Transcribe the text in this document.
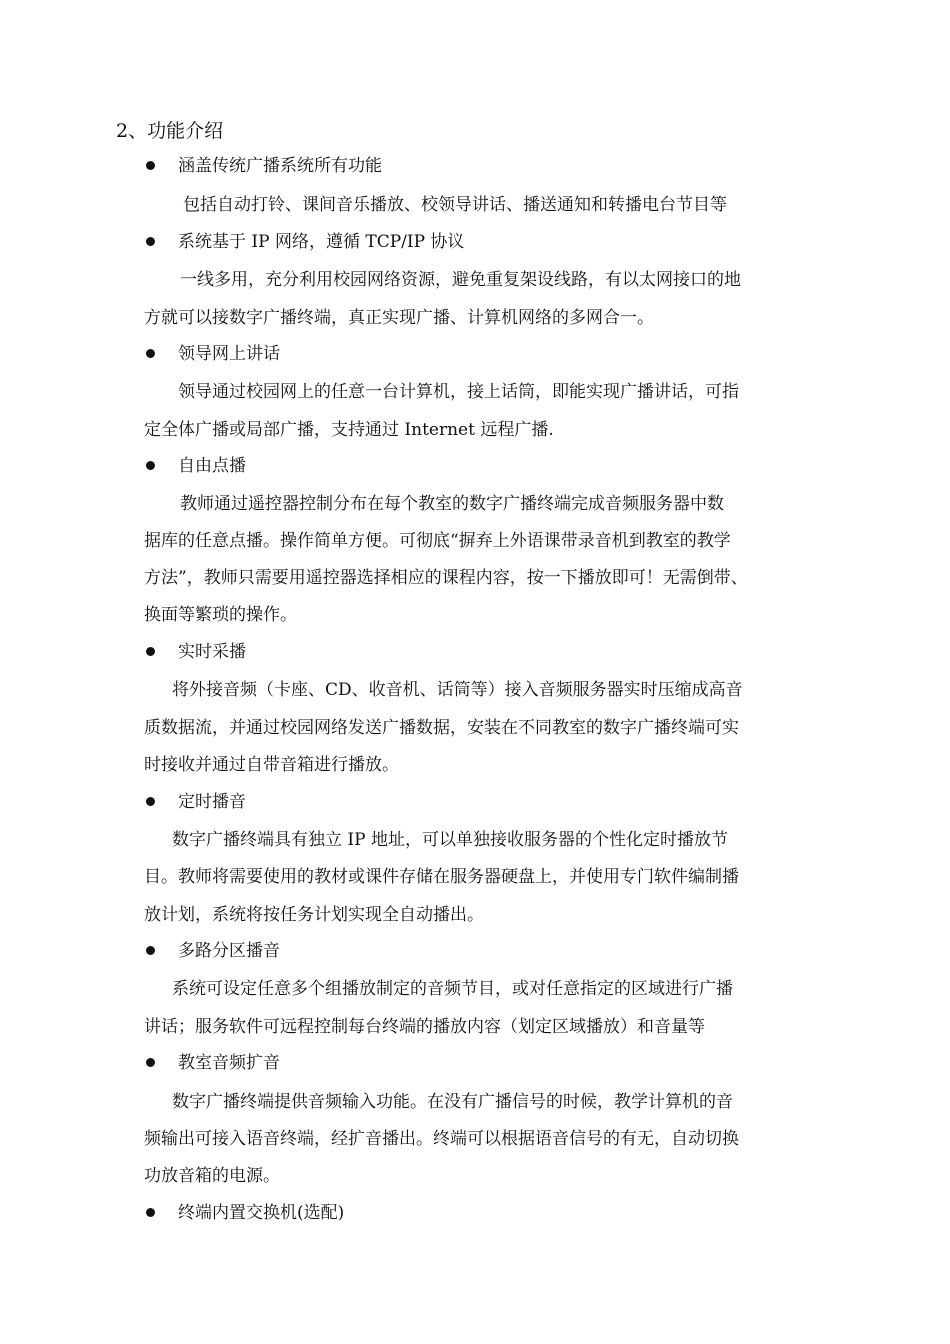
2、功能介绍
涵盖传统广播系统所有功能
包括自动打铃、课间音乐播放、校领导讲话、播送通知和转播电台节目等
系统基于 IP 网络，遵循 TCP/IP 协议
一线多用，充分利用校园网络资源，避免重复架设线路，有以太网接口的地
方就可以接数字广播终端，真正实现广播、计算机网络的多网合一。
领导网上讲话
领导通过校园网上的任意一台计算机，接上话筒，即能实现广播讲话，可指
定全体广播或局部广播，支持通过 Internet 远程广播.
自由点播
教师通过遥控器控制分布在每个教室的数字广播终端完成音频服务器中数
据库的任意点播。操作简单方便。可彻底“摒弃上外语课带录音机到教室的教学
方法”，教师只需要用遥控器选择相应的课程内容，按一下播放即可！无需倒带、
换面等繁琐的操作。
实时采播
将外接音频（卡座、CD、收音机、话筒等）接入音频服务器实时压缩成高音
质数据流，并通过校园网络发送广播数据，安装在不同教室的数字广播终端可实
时接收并通过自带音箱进行播放。
定时播音
数字广播终端具有独立 IP 地址，可以单独接收服务器的个性化定时播放节
目。教师将需要使用的教材或课件存储在服务器硬盘上，并使用专门软件编制播
放计划，系统将按任务计划实现全自动播出。
多路分区播音
系统可设定任意多个组播放制定的音频节目，或对任意指定的区域进行广播
讲话；服务软件可远程控制每台终端的播放内容（划定区域播放）和音量等
教室音频扩音
数字广播终端提供音频输入功能。在没有广播信号的时候，教学计算机的音
频输出可接入语音终端，经扩音播出。终端可以根据语音信号的有无，自动切换
功放音箱的电源。
终端内置交换机(选配)
